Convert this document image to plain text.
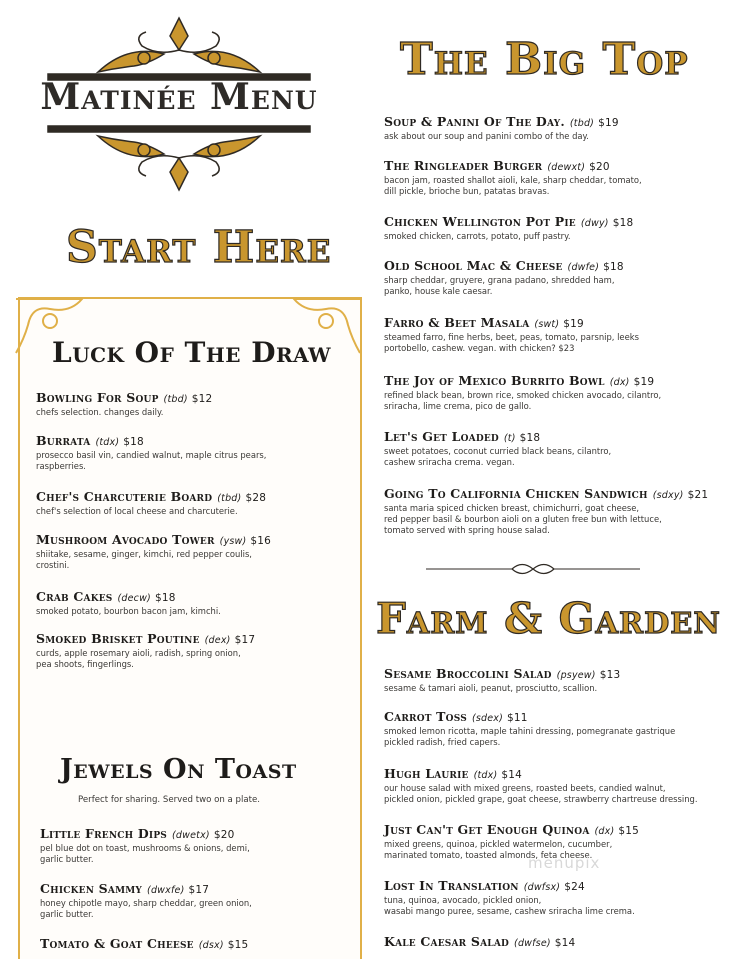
Matinée Menu
Start Here
Luck Of The Draw
Bowling For Soup (tbd) $12
chefs selection. changes daily.
Burrata (tdx) $18
prosecco basil vin, candied walnut, maple citrus pears,
raspberries.
Chef's Charcuterie Board (tbd) $28
chef's selection of local cheese and charcuterie.
Mushroom Avocado Tower (ysw) $16
shiitake, sesame, ginger, kimchi, red pepper coulis,
crostini.
Crab Cakes (decw) $18
smoked potato, bourbon bacon jam, kimchi.
Smoked Brisket Poutine (dex) $17
curds, apple rosemary aioli, radish, spring onion,
pea shoots, fingerlings.
Jewels On Toast
Perfect for sharing. Served two on a plate.
Little French Dips (dwetx) $20
pel blue dot on toast, mushrooms & onions, demi,
garlic butter.
Chicken Sammy (dwxfe) $17
honey chipotle mayo, sharp cheddar, green onion,
garlic butter.
Tomato & Goat Cheese (dsx) $15
The Big Top
Soup & Panini Of The Day. (tbd) $19
ask about our soup and panini combo of the day.
The Ringleader Burger (dewxt) $20
bacon jam, roasted shallot aioli, kale, sharp cheddar, tomato,
dill pickle, brioche bun, patatas bravas.
Chicken Wellington Pot Pie (dwy) $18
smoked chicken, carrots, potato, puff pastry.
Old School Mac & Cheese (dwfe) $18
sharp cheddar, gruyere, grana padano, shredded ham,
panko, house kale caesar.
Farro & Beet Masala (swt) $19
steamed farro, fine herbs, beet, peas, tomato, parsnip, leeks
portobello, cashew. vegan. with chicken? $23
The Joy of Mexico Burrito Bowl (dx) $19
refined black bean, brown rice, smoked chicken avocado, cilantro,
sriracha, lime crema, pico de gallo.
Let's Get Loaded (t) $18
sweet potatoes, coconut curried black beans, cilantro,
cashew sriracha crema. vegan.
Going To California Chicken Sandwich (sdxy) $21
santa maria spiced chicken breast, chimichurri, goat cheese,
red pepper basil & bourbon aioli on a gluten free bun with lettuce,
tomato served with spring house salad.
Farm & Garden
Sesame Broccolini Salad (psyew) $13
sesame & tamari aioli, peanut, prosciutto, scallion.
Carrot Toss (sdex) $11
smoked lemon ricotta, maple tahini dressing, pomegranate gastrique
pickled radish, fried capers.
Hugh Laurie (tdx) $14
our house salad with mixed greens, roasted beets, candied walnut,
pickled onion, pickled grape, goat cheese, strawberry chartreuse dressing.
Just Can't Get Enough Quinoa (dx) $15
mixed greens, quinoa, pickled watermelon, cucumber,
marinated tomato, toasted almonds, feta cheese.
Lost In Translation (dwfsx) $24
tuna, quinoa, avocado, pickled onion,
wasabi mango puree, sesame, cashew sriracha lime crema.
Kale Caesar Salad (dwfse) $14
menupix
